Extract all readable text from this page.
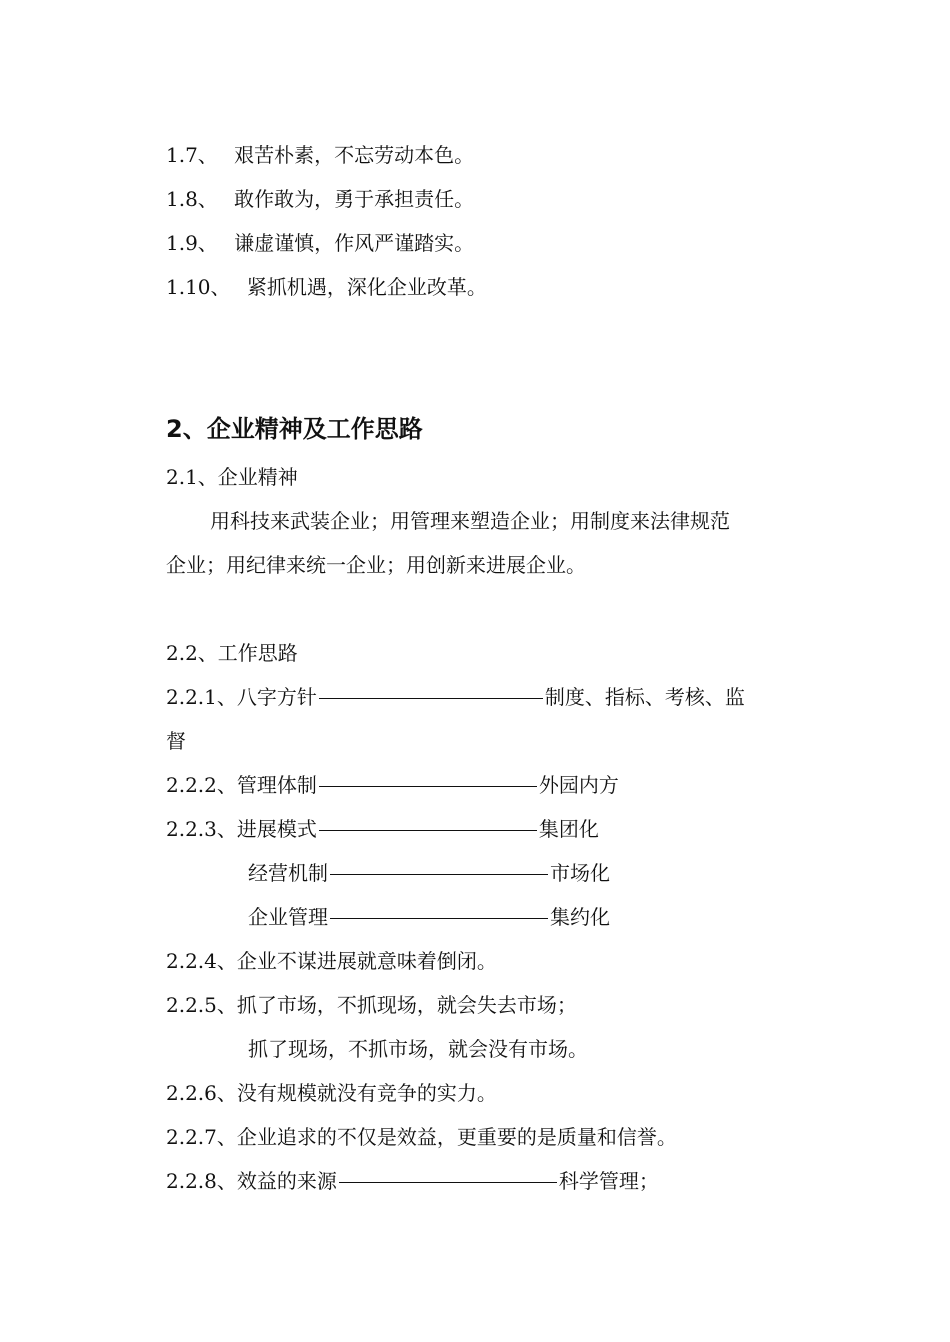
1.7、 艰苦朴素，不忘劳动本色。
1.8、 敢作敢为，勇于承担责任。
1.9、 谦虚谨慎，作风严谨踏实。
1.10、 紧抓机遇，深化企业改革。
2、企业精神及工作思路
2.1、企业精神
用科技来武装企业；用管理来塑造企业；用制度来法律规范
企业；用纪律来统一企业；用创新来进展企业。
2.2、工作思路
2.2.1、八字方针	制度、指标、考核、监
督
2.2.2、管理体制	外园内方
2.2.3、进展模式	集团化
经营机制	市场化
企业管理	集约化
2.2.4、企业不谋进展就意味着倒闭。
2.2.5、抓了市场，不抓现场，就会失去市场；
抓了现场，不抓市场，就会没有市场。
2.2.6、没有规模就没有竞争的实力。
2.2.7、企业追求的不仅是效益，更重要的是质量和信誉。
2.2.8、效益的来源	科学管理；
